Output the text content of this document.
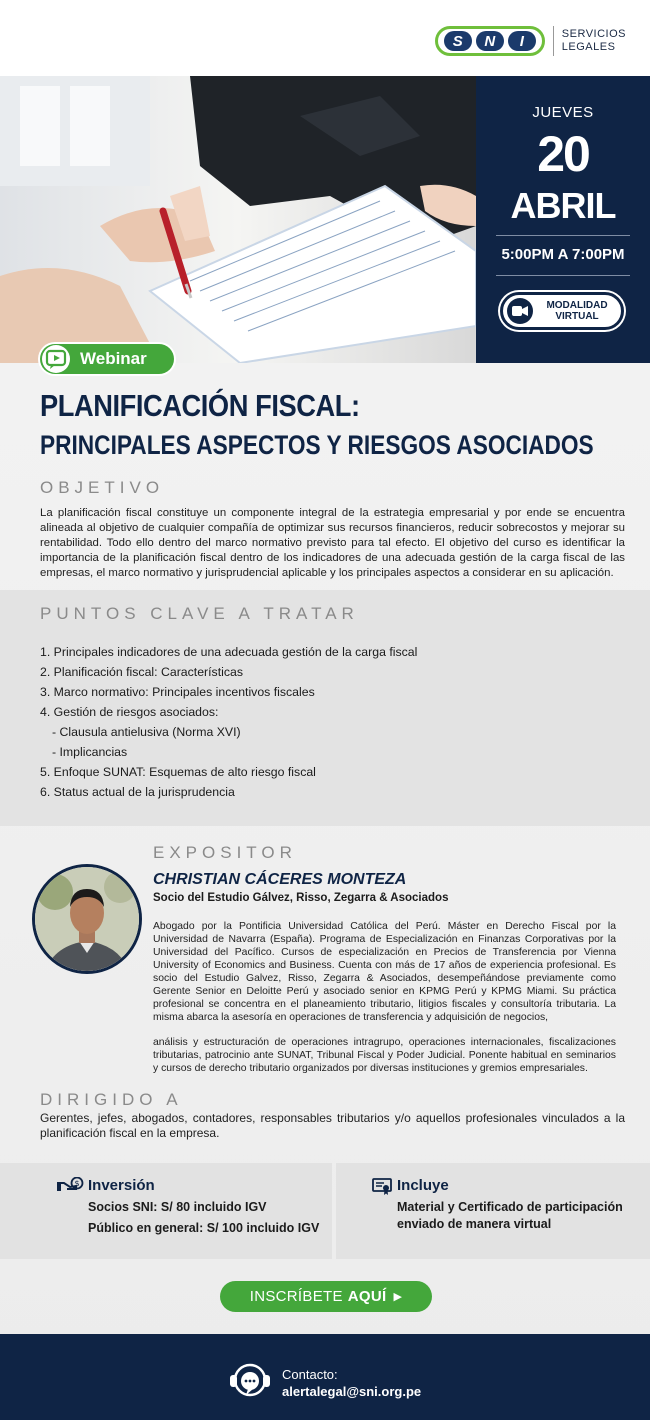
S	N	I	SERVICIOS
LEGALES
JUEVES
20
ABRIL
5:00PM A 7:00PM
MODALIDAD
VIRTUAL
Webinar
PLANIFICACIÓN FISCAL:
PRINCIPALES ASPECTOS Y RIESGOS ASOCIADOS
OBJETIVO
La planificación fiscal constituye un componente integral de la estrategia empresarial y por ende se encuentra alineada al objetivo de cualquier compañía de optimizar sus recursos financieros, reducir sobrecostos y mejorar su rentabilidad. Todo ello dentro del marco normativo previsto para tal efecto. El objetivo del curso es identificar la importancia de la planificación fiscal dentro de los indicadores de una adecuada gestión de la carga fiscal de las empresas, el marco normativo y jurisprudencial aplicable y los principales aspectos a considerar en su aplicación.
PUNTOS CLAVE A TRATAR
1. Principales indicadores de una adecuada gestión de la carga fiscal
2. Planificación fiscal: Características
3. Marco normativo: Principales incentivos fiscales
4. Gestión de riesgos asociados:
- Clausula antielusiva (Norma XVI)
- Implicancias
5. Enfoque SUNAT: Esquemas de alto riesgo fiscal
6. Status actual de la jurisprudencia
EXPOSITOR
CHRISTIAN CÁCERES MONTEZA
Socio del Estudio Gálvez, Risso, Zegarra & Asociados
Abogado por la Pontificia Universidad Católica del Perú. Máster en Derecho Fiscal por la Universidad de Navarra (España). Programa de Especialización en Finanzas Corporativas por la Universidad del Pacífico. Cursos de especialización en Precios de Transferencia por Vienna University of Economics and Business. Cuenta con más de 17 años de experiencia profesional. Es socio del Estudio Galvez, Risso, Zegarra & Asociados, desempeñándose previamente como Gerente Senior en Deloitte Perú y asociado senior en KPMG Perú y KPMG Miami. Su práctica profesional se concentra en el planeamiento tributario, litigios fiscales y consultoría tributaria. La misma abarca la asesoría en operaciones de transferencia y adquisición de negocios,
análisis y estructuración de operaciones intragrupo, operaciones internacionales, fiscalizaciones tributarias, patrocinio ante SUNAT, Tribunal Fiscal y Poder Judicial. Ponente habitual en seminarios y cursos de derecho tributario organizados por diversas instituciones y gremios empresariales.
DIRIGIDO A
Gerentes, jefes, abogados, contadores, responsables tributarios y/o aquellos profesionales vinculados a la planificación fiscal en la empresa.
$ Inversión
Socios SNI: S/ 80 incluido IGV
Público en general: S/ 100 incluido IGV
Incluye
Material y Certificado de participación
enviado de manera virtual
INSCRÍBETE AQUÍ ▶
Contacto:
alertalegal@sni.org.pe
